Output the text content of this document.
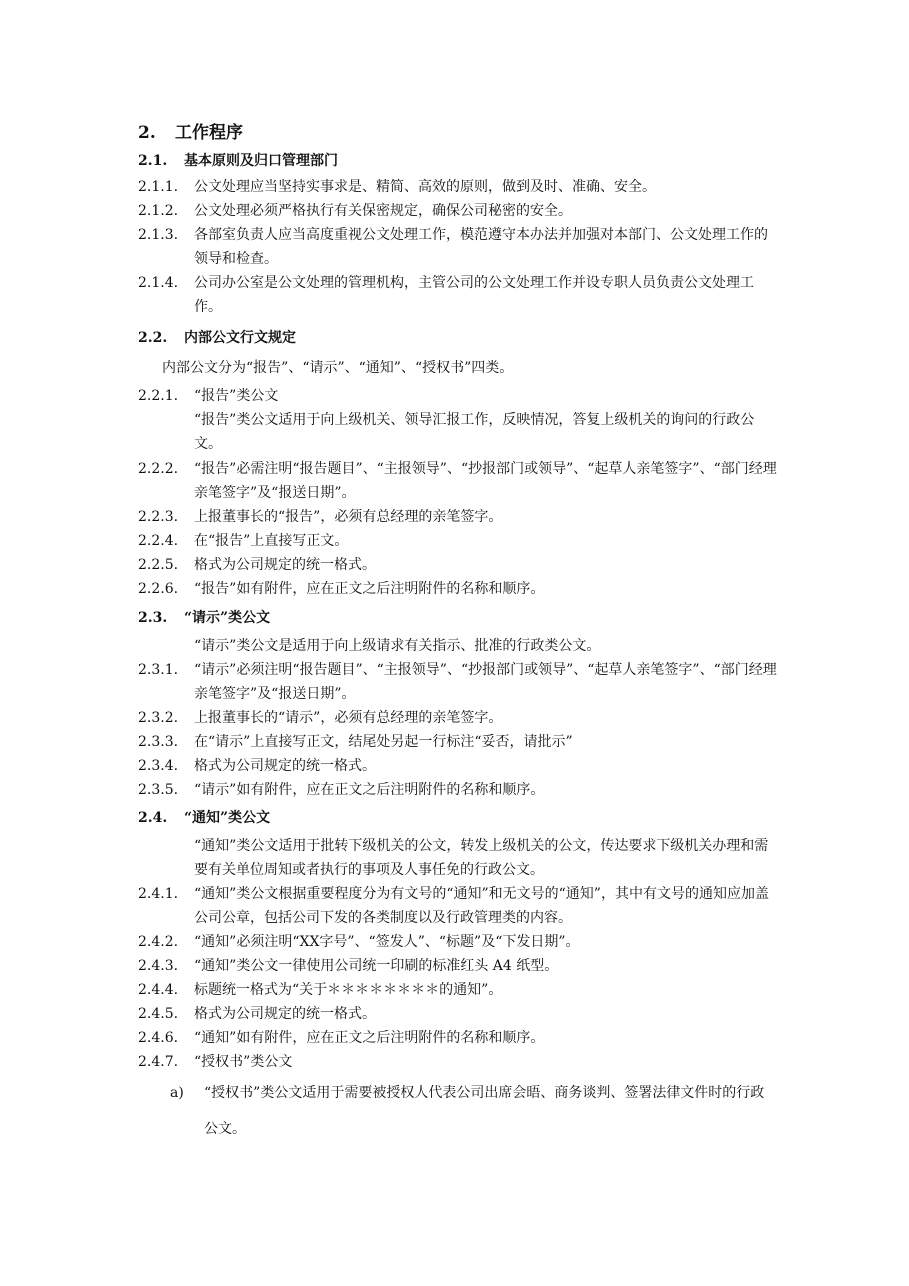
2. 工作程序
2.1. 基本原则及归口管理部门
2.1.1.	公文处理应当坚持实事求是、精简、高效的原则，做到及时、准确、安全。
2.1.2.	公文处理必须严格执行有关保密规定，确保公司秘密的安全。
2.1.3.	各部室负责人应当高度重视公文处理工作，模范遵守本办法并加强对本部门、公文处理工作的领导和检查。
2.1.4.	公司办公室是公文处理的管理机构，主管公司的公文处理工作并设专职人员负责公文处理工作。
2.2. 内部公文行文规定
内部公文分为“报告”、“请示”、“通知”、“授权书”四类。
2.2.1.	“报告”类公文
“报告”类公文适用于向上级机关、领导汇报工作，反映情况，答复上级机关的询问的行政公文。
2.2.2.	“报告”必需注明“报告题目”、“主报领导”、“抄报部门或领导”、“起草人亲笔签字”、“部门经理亲笔签字”及“报送日期”。
2.2.3.	上报董事长的“报告”，必须有总经理的亲笔签字。
2.2.4.	在“报告”上直接写正文。
2.2.5.	格式为公司规定的统一格式。
2.2.6.	“报告”如有附件，应在正文之后注明附件的名称和顺序。
2.3. “请示”类公文
“请示”类公文是适用于向上级请求有关指示、批准的行政类公文。
2.3.1.	“请示”必须注明“报告题目”、“主报领导”、“抄报部门或领导”、“起草人亲笔签字”、“部门经理亲笔签字”及“报送日期”。
2.3.2.	上报董事长的“请示”，必须有总经理的亲笔签字。
2.3.3.	在“请示”上直接写正文，结尾处另起一行标注“妥否，请批示”
2.3.4.	格式为公司规定的统一格式。
2.3.5.	“请示”如有附件，应在正文之后注明附件的名称和顺序。
2.4. “通知”类公文
“通知”类公文适用于批转下级机关的公文，转发上级机关的公文，传达要求下级机关办理和需要有关单位周知或者执行的事项及人事任免的行政公文。
2.4.1.	“通知”类公文根据重要程度分为有文号的“通知”和无文号的“通知”，其中有文号的通知应加盖公司公章，包括公司下发的各类制度以及行政管理类的内容。
2.4.2.	“通知”必须注明“XX字号”、“签发人”、“标题”及“下发日期”。
2.4.3.	“通知”类公文一律使用公司统一印刷的标准红头 A4 纸型。
2.4.4.	标题统一格式为“关于＊＊＊＊＊＊＊＊的通知”。
2.4.5.	格式为公司规定的统一格式。
2.4.6.	“通知”如有附件，应在正文之后注明附件的名称和顺序。
2.4.7.	“授权书”类公文
a)	“授权书”类公文适用于需要被授权人代表公司出席会晤、商务谈判、签署法律文件时的行政公文。
